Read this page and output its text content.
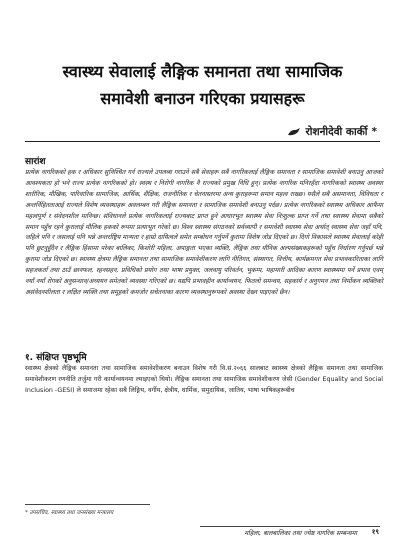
स्वास्थ्य सेवालाई लैङ्गिक समानता तथा सामाजिक
समावेशी बनाउन गरिएका प्रयासहरू
रोशनीदेवी कार्की *
सारांश

प्रत्येक नागरिकको हक र अधिकार सुनिश्चित गर्न राज्यले उपलब्ध गराउने सबै सेवाहरू सबै नागरिकलाई लैङ्गिक समानता र सामाजिक समावेशी बनाउनु आजको आवश्यकता हो भने राज्य प्रत्येक नागरिकको हो। स्वस्थ र निरोगी नागरिक नै राज्यको प्रमुख निधि हुन्। प्रत्येक नागरिक मनिरहँदा नागरिकको स्वास्थ्य अवस्था शारीरिक, मौखिक, पारिवारिक सामाजिक, आर्थिक, शैक्षिक, राजनीतिक र चेतनास्तरमा अन्य कुराहरूमा समान महत्व राख्छ। यसैले सबै असमानता, विविधता र अन्तर्निहितताआई राज्यले विशेष व्यवस्थाहरू अवलम्बन गरी लैङ्गिक समानता र सामाजिक समावेशी बनाउनु पर्दछ। प्रत्येक नागरिकको स्वास्थ्य अधिकार आफैमा महत्वपूर्ण र संवेदनशील मानिन्छ। संविधानले प्रत्येक नागरिकलाई राज्यबाट प्राप्त हुने आधारभूत स्वास्थ्य सेवा निःशुल्क प्राप्त गर्ने तथा स्वास्थ्य सेवामा सबैको समान पहुँच रहने कुरालाई मौलिक हकको रूपमा प्रत्याभूत गरेको छ। विश्व स्वास्थ्य संगठनको सर्वव्यापी र समावेशी स्वास्थ्य सेवा अर्थात् स्वास्थ्य सेवा जहाँ पनि, जहिले पनि र जसलाई पनि भन्ने अन्तर्राष्ट्रिय मान्यता र हाम्रो दायित्वले समेत सम्बोधन गर्नुपर्ने कुरामा विशेष जोड दिएको छ। दिगो विकासले स्वास्थ्य सेवालाई कोही पनि छुटनुहुँदैन र लैङ्गिक हिंसामा परेका बालिका, किशोरी महिला, अपाङ्गता भएका व्यक्ति, लैङ्गिक तथा यौनिक अल्पसंख्यकहरूको पहुँच निर्धारण गर्नुपर्छ भन्ने कुरामा जोड दिएको छ। स्वास्थ्य क्षेत्रमा लैङ्गिक समानता तथा सामाजिक समावेशीकरण लागि नीतिगत, संस्थागत, वित्तीय, कार्यक्रमगत सेवा प्रभावकारिताका लागि सहजकर्ता तथा ठाउँ छानफल, रहनसहन, प्रविधिको प्रयोग तथा भाषा प्रयुक्त, जलवायु परिवर्तन, भूकम्प, महामारी आदिका कारण स्वास्थ्यमा पर्ने प्रभाव एवम् नयाँ नयाँ रोगको अनुसन्धान/अध्ययन समेतको व्यवस्था गरिएको छ। यद्यपि प्रभावहीन कार्यान्वयन, फितलो समन्वय, सहकार्य र अनुगमन तथा निर्मोकन व्यक्तिको असंवेदनशीलता र लक्षित व्यक्ति तथा समूहको कमजोर सचेतनाका कारण व्यवस्थानुरूपको अवस्था देख्न पाइएको छैन।

१. संक्षिप्त पृष्ठभूमि

स्वास्थ्य क्षेत्रको लैङ्गिक समानता तथा सामाजिक समावेशीकरण बनाउन विशेष गरी वि.सं.२०६६ सालबाट स्वास्थ्य क्षेत्रको लैङ्गिक समानता तथा सामाजिक समावेशीकरण रणनीति तर्जुमा गरी कार्यान्वयनमा ल्याइएको थियो। लैङ्गिक समानता तथा सामाजिक समावेशीकरण जेसी (Gender Equality and Social Inclusion -GESI) ले समाजमा रहेका सबै लिङ्गिय, वर्गीय, क्षेत्रीय, धार्मिक, समुदायिक, जातिय, भाषा भाषिकहरूबीच

* उपसचिव, स्वास्थ्य तथा जनसंख्या मन्त्रालय
महिला, बालबालिका तथा ज्येष्ठ नागरिक सम्बन्धमा १९
